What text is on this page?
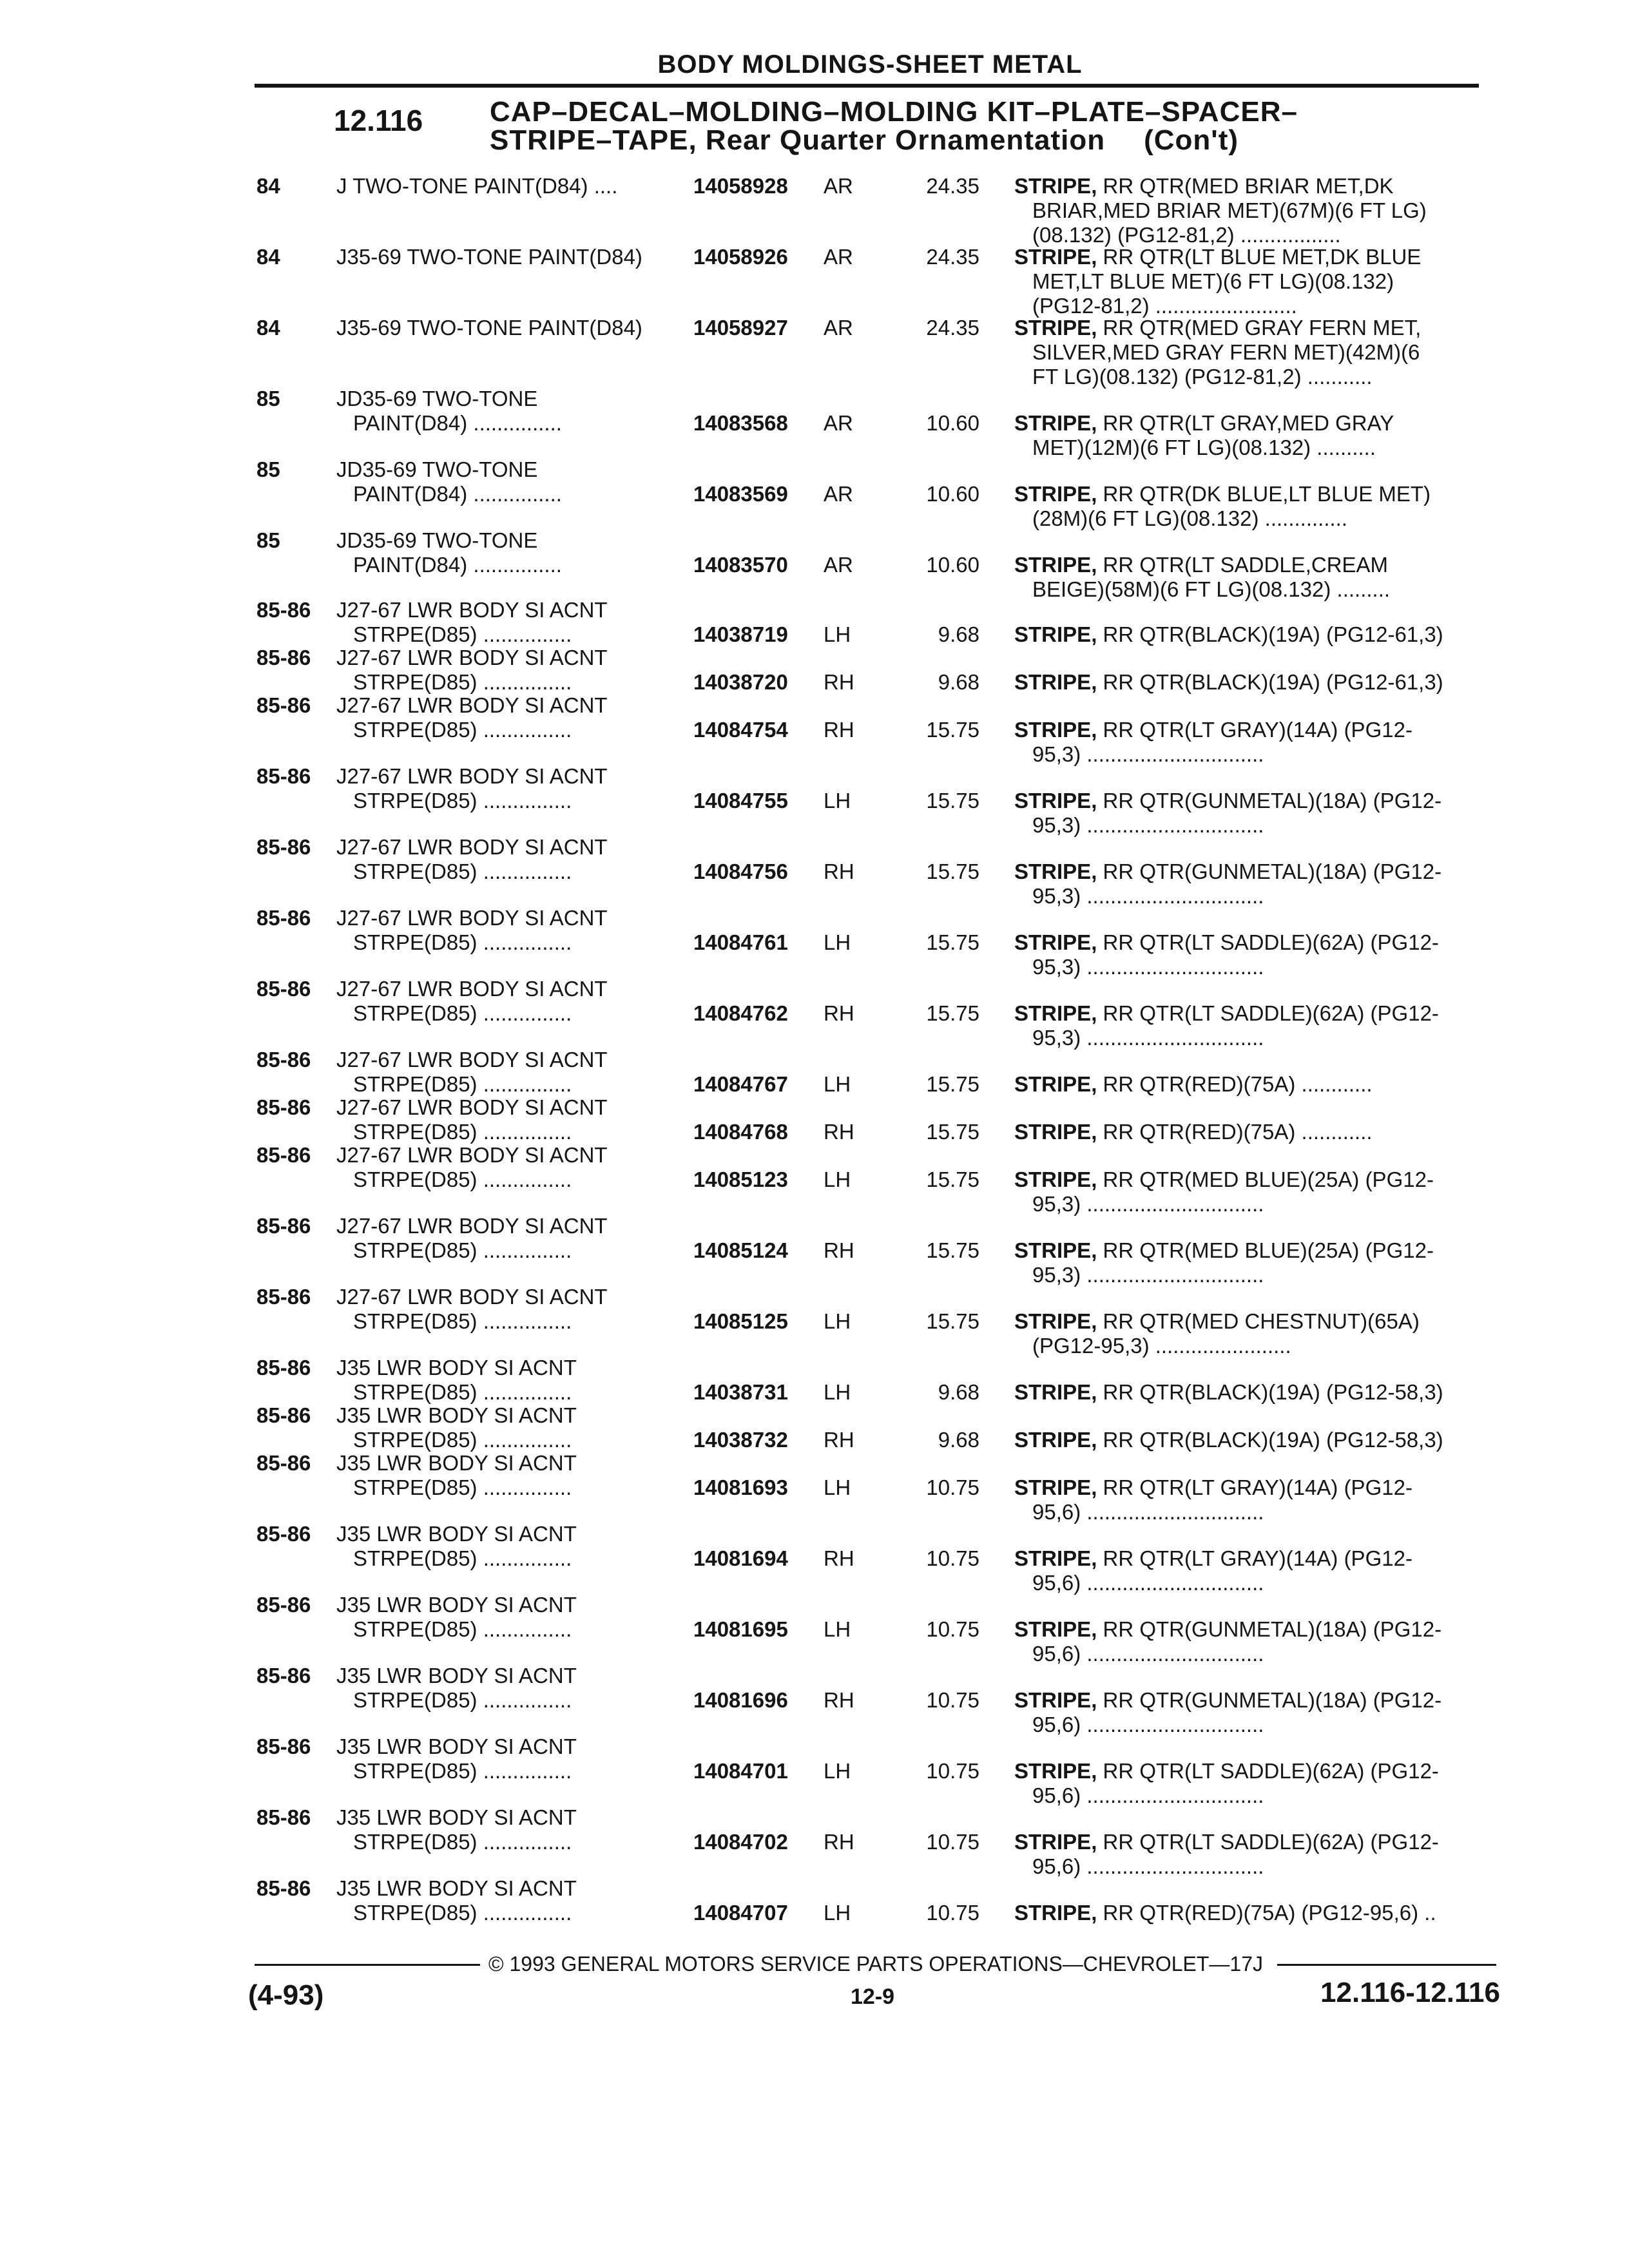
BODY MOLDINGS-SHEET METAL
12.116 CAP–DECAL–MOLDING–MOLDING KIT–PLATE–SPACER–
STRIPE–TAPE, Rear Quarter Ornamentation (Con't)
84	J TWO-TONE PAINT(D84) ....	14058928 AR	24.35 STRIPE, RR QTR(MED BRIAR MET,DK
BRIAR,MED BRIAR MET)(67M)(6 FT LG)
(08.132) (PG12-81,2) .................
84	J35-69 TWO-TONE PAINT(D84) 14058926 AR	24.35 STRIPE, RR QTR(LT BLUE MET,DK BLUE
MET,LT BLUE MET)(6 FT LG)(08.132)
(PG12-81,2) ........................
84	J35-69 TWO-TONE PAINT(D84) 14058927 AR	24.35 STRIPE, RR QTR(MED GRAY FERN MET,
SILVER,MED GRAY FERN MET)(42M)(6
FT LG)(08.132) (PG12-81,2) ...........
85	JD35-69 TWO-TONE
PAINT(D84) ...............	14083568 AR	10.60 STRIPE, RR QTR(LT GRAY,MED GRAY
MET)(12M)(6 FT LG)(08.132) ..........
85	JD35-69 TWO-TONE
PAINT(D84) ...............	14083569 AR	10.60 STRIPE, RR QTR(DK BLUE,LT BLUE MET)
(28M)(6 FT LG)(08.132) ..............
85	JD35-69 TWO-TONE
PAINT(D84) ...............	14083570 AR	10.60 STRIPE, RR QTR(LT SADDLE,CREAM
BEIGE)(58M)(6 FT LG)(08.132) .........
85-86 J27-67 LWR BODY SI ACNT
STRPE(D85) ...............	14038719 LH	9.68 STRIPE, RR QTR(BLACK)(19A) (PG12-61,3)
85-86 J27-67 LWR BODY SI ACNT
STRPE(D85) ...............	14038720 RH	9.68 STRIPE, RR QTR(BLACK)(19A) (PG12-61,3)
85-86 J27-67 LWR BODY SI ACNT
STRPE(D85) ...............	14084754 RH	15.75 STRIPE, RR QTR(LT GRAY)(14A) (PG12-
95,3) ..............................
85-86 J27-67 LWR BODY SI ACNT
STRPE(D85) ...............	14084755 LH	15.75 STRIPE, RR QTR(GUNMETAL)(18A) (PG12-
95,3) ..............................
85-86 J27-67 LWR BODY SI ACNT
STRPE(D85) ...............	14084756 RH	15.75 STRIPE, RR QTR(GUNMETAL)(18A) (PG12-
95,3) ..............................
85-86 J27-67 LWR BODY SI ACNT
STRPE(D85) ...............	14084761 LH	15.75 STRIPE, RR QTR(LT SADDLE)(62A) (PG12-
95,3) ..............................
85-86 J27-67 LWR BODY SI ACNT
STRPE(D85) ...............	14084762 RH	15.75 STRIPE, RR QTR(LT SADDLE)(62A) (PG12-
95,3) ..............................
85-86 J27-67 LWR BODY SI ACNT
STRPE(D85) ...............	14084767 LH	15.75 STRIPE, RR QTR(RED)(75A) ............
85-86 J27-67 LWR BODY SI ACNT
STRPE(D85) ...............	14084768 RH	15.75 STRIPE, RR QTR(RED)(75A) ............
85-86 J27-67 LWR BODY SI ACNT
STRPE(D85) ...............	14085123 LH	15.75 STRIPE, RR QTR(MED BLUE)(25A) (PG12-
95,3) ..............................
85-86 J27-67 LWR BODY SI ACNT
STRPE(D85) ...............	14085124 RH	15.75 STRIPE, RR QTR(MED BLUE)(25A) (PG12-
95,3) ..............................
85-86 J27-67 LWR BODY SI ACNT
STRPE(D85) ...............	14085125 LH	15.75 STRIPE, RR QTR(MED CHESTNUT)(65A)
(PG12-95,3) .......................
85-86 J35 LWR BODY SI ACNT
STRPE(D85) ...............	14038731 LH	9.68 STRIPE, RR QTR(BLACK)(19A) (PG12-58,3)
85-86 J35 LWR BODY SI ACNT
STRPE(D85) ...............	14038732 RH	9.68 STRIPE, RR QTR(BLACK)(19A) (PG12-58,3)
85-86 J35 LWR BODY SI ACNT
STRPE(D85) ...............	14081693 LH	10.75 STRIPE, RR QTR(LT GRAY)(14A) (PG12-
95,6) ..............................
85-86 J35 LWR BODY SI ACNT
STRPE(D85) ...............	14081694 RH	10.75 STRIPE, RR QTR(LT GRAY)(14A) (PG12-
95,6) ..............................
85-86 J35 LWR BODY SI ACNT
STRPE(D85) ...............	14081695 LH	10.75 STRIPE, RR QTR(GUNMETAL)(18A) (PG12-
95,6) ..............................
85-86 J35 LWR BODY SI ACNT
STRPE(D85) ...............	14081696 RH	10.75 STRIPE, RR QTR(GUNMETAL)(18A) (PG12-
95,6) ..............................
85-86 J35 LWR BODY SI ACNT
STRPE(D85) ...............	14084701 LH	10.75 STRIPE, RR QTR(LT SADDLE)(62A) (PG12-
95,6) ..............................
85-86 J35 LWR BODY SI ACNT
STRPE(D85) ...............	14084702 RH	10.75 STRIPE, RR QTR(LT SADDLE)(62A) (PG12-
95,6) ..............................
85-86 J35 LWR BODY SI ACNT
STRPE(D85) ...............	14084707 LH	10.75 STRIPE, RR QTR(RED)(75A) (PG12-95,6) ..
© 1993 GENERAL MOTORS SERVICE PARTS OPERATIONS—CHEVROLET—17J
(4-93)	12-9	12.116-12.116
